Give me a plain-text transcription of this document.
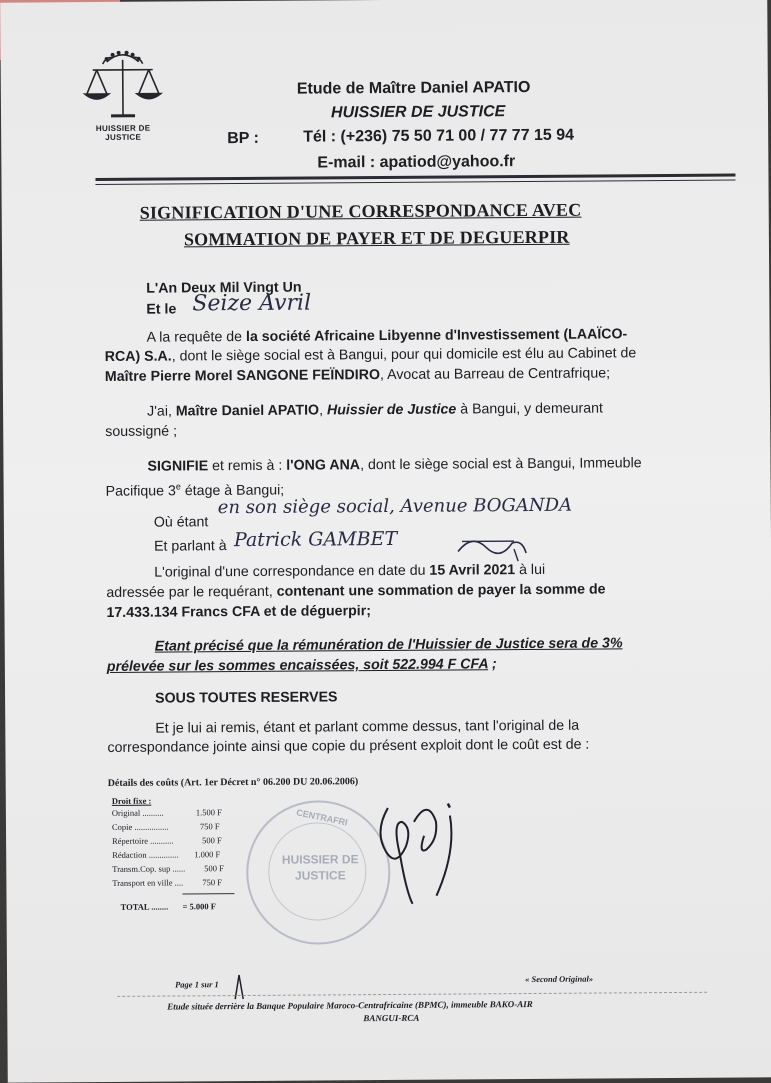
HUISSIER DE JUSTICE
Etude de Maître Daniel APATIO
HUISSIER DE JUSTICE
BP :	Tél : (+236) 75 50 71 00 / 77 77 15 94
E-mail : apatiod@yahoo.fr
SIGNIFICATION D'UNE CORRESPONDANCE AVEC
SOMMATION DE PAYER ET DE DEGUERPIR
L'An Deux Mil Vingt Un
Et le Seize Avril
A la requête de la société Africaine Libyenne d'Investissement (LAAÏCO-
RCA) S.A., dont le siège social est à Bangui, pour qui domicile est élu au Cabinet de
Maître Pierre Morel SANGONE FEÏNDIRO, Avocat au Barreau de Centrafrique;
J'ai, Maître Daniel APATIO, Huissier de Justice à Bangui, y demeurant
soussigné ;
SIGNIFIE et remis à : l'ONG ANA, dont le siège social est à Bangui, Immeuble
Pacifique 3e étage à Bangui;
Où étant
en son siège social, Avenue BOGANDA
Et parlant à Patrick GAMBET
L'original d'une correspondance en date du 15 Avril 2021 à lui
adressée par le requérant, contenant une sommation de payer la somme de
17.433.134 Francs CFA et de déguerpir;
Etant précisé que la rémunération de l'Huissier de Justice sera de 3%
prélevée sur les sommes encaissées, soit 522.994 F CFA ;
SOUS TOUTES RESERVES
Et je lui ai remis, étant et parlant comme dessus, tant l'original de la
correspondance jointe ainsi que copie du présent exploit dont le coût est de :
Détails des coûts (Art. 1er Décret n° 06.200 DU 20.06.2006)
Droit fixe :
Original ..........	1.500 F
Copie ................	750 F
Répertoire ...........	500 F
Rédaction .............. 1.000 F
Transm.Cop. sup ...... 500 F
Transport en ville .... 750 F
TOTAL ........ = 5.000 F
CENTRAFRI
HUISSIER DE
JUSTICE
Page 1 sur 1
« Second Original»
Etude située derrière la Banque Populaire Maroco-Centrafricaine (BPMC), immeuble BAKO-AIR
BANGUI-RCA
